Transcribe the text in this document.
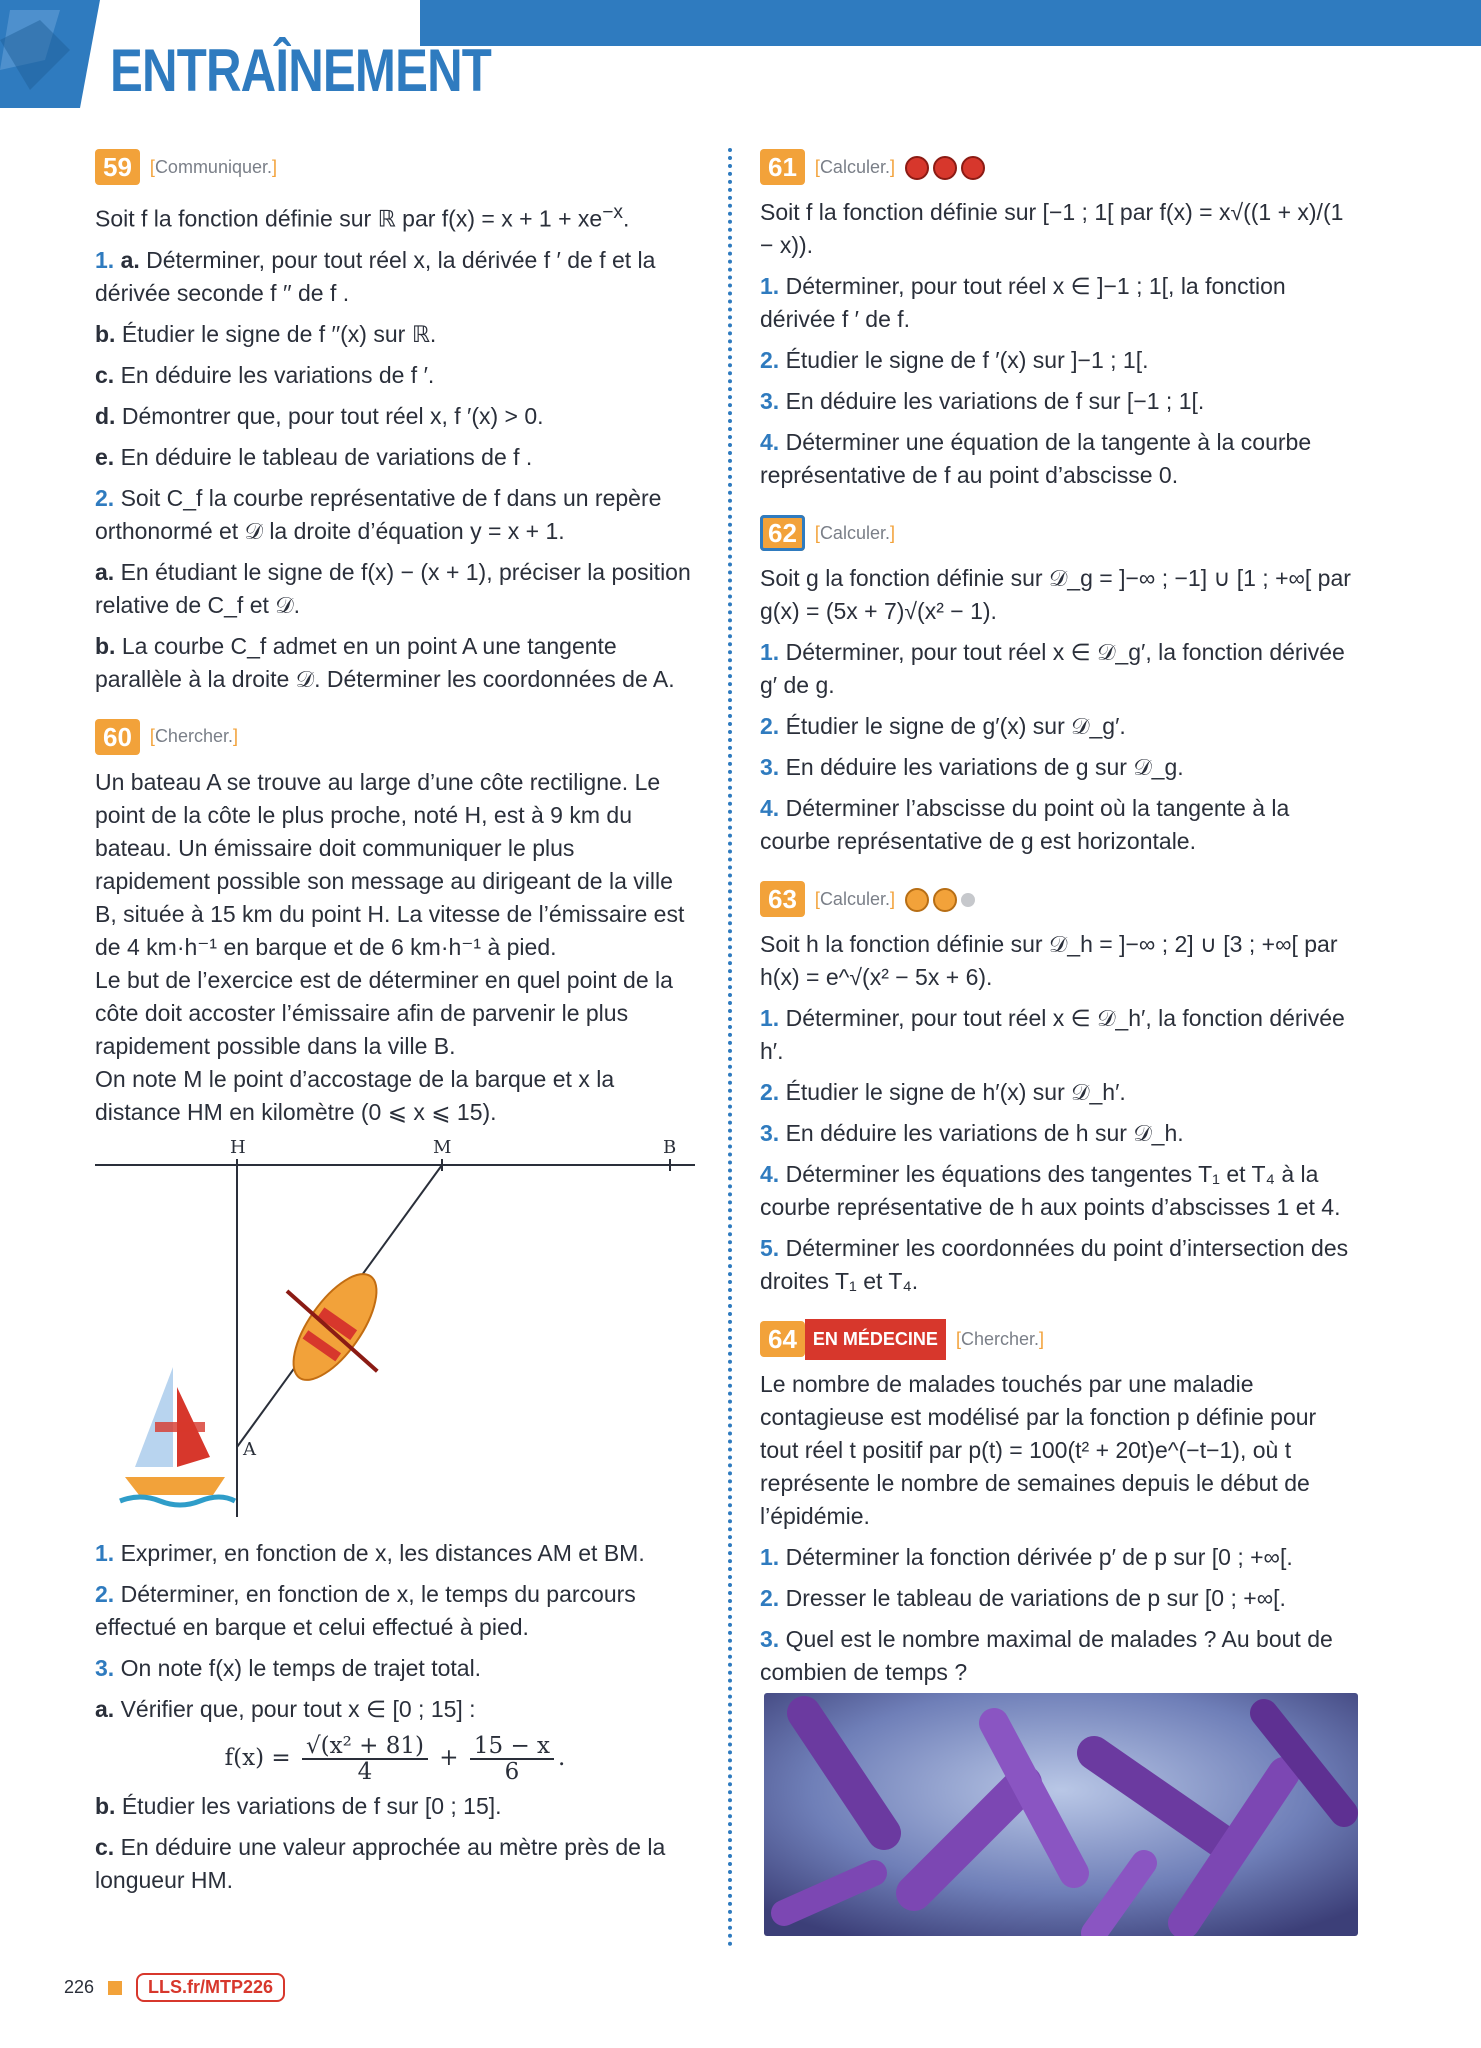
ENTRAÎNEMENT
59	[Communiquer.]

Soit f la fonction définie sur ℝ par $f(x) = x + 1 + xe^{-x}$.

1. a. Déterminer, pour tout réel x, la dérivée f ′ de f et la dérivée seconde f ′′ de f .

b. Étudier le signe de f ′′(x) sur ℝ.

c. En déduire les variations de f ′.

d. Démontrer que, pour tout réel x, f ′(x) > 0.

e. En déduire le tableau de variations de f .

2. Soit C_f la courbe représentative de f dans un repère orthonormé et 𝒟 la droite d’équation y = x + 1.

a. En étudiant le signe de f(x) − (x + 1), préciser la position relative de C_f et 𝒟.

b. La courbe C_f admet en un point A une tangente parallèle à la droite 𝒟. Déterminer les coordonnées de A.

60	[Chercher.]

Un bateau A se trouve au large d’une côte rectiligne. Le point de la côte le plus proche, noté H, est à 9 km du bateau. Un émissaire doit communiquer le plus rapidement possible son message au dirigeant de la ville B, située à 15 km du point H. La vitesse de l’émissaire est de 4 km·h⁻¹ en barque et de 6 km·h⁻¹ à pied.

Le but de l’exercice est de déterminer en quel point de la côte doit accoster l’émissaire afin de parvenir le plus rapidement possible dans la ville B.

On note M le point d’accostage de la barque et x la distance HM en kilomètre (0 ⩽ x ⩽ 15).

H	M	B
A

1. Exprimer, en fonction de x, les distances AM et BM.

2. Déterminer, en fonction de x, le temps du parcours effectué en barque et celui effectué à pied.

3. On note f(x) le temps de trajet total.

a. Vérifier que, pour tout x ∈ [0 ; 15] :

$f(x) = \frac{\text{√(x² + 81)}}{4} + \frac{15 - x}{6}$ .

b. Étudier les variations de f sur [0 ; 15].

c. En déduire une valeur approchée au mètre près de la longueur HM.

61	[Calculer.]

Soit f la fonction définie sur [−1 ; 1[ par f(x) = x√((1 + x)/(1 − x)).

1. Déterminer, pour tout réel x ∈ ]−1 ; 1[, la fonction dérivée f ′ de f.

2. Étudier le signe de f ′(x) sur ]−1 ; 1[.

3. En déduire les variations de f sur [−1 ; 1[.

4. Déterminer une équation de la tangente à la courbe représentative de f au point d’abscisse 0.

62	[Calculer.]

Soit g la fonction définie sur 𝒟_g = ]−∞ ; −1] ∪ [1 ; +∞[ par g(x) = (5x + 7)√(x² − 1).

1. Déterminer, pour tout réel x ∈ 𝒟_g′, la fonction dérivée g′ de g.

2. Étudier le signe de g′(x) sur 𝒟_g′.

3. En déduire les variations de g sur 𝒟_g.

4. Déterminer l’abscisse du point où la tangente à la courbe représentative de g est horizontale.

63	[Calculer.]

Soit h la fonction définie sur 𝒟_h = ]−∞ ; 2] ∪ [3 ; +∞[ par h(x) = e^√(x² − 5x + 6).

1. Déterminer, pour tout réel x ∈ 𝒟_h′, la fonction dérivée h′.

2. Étudier le signe de h′(x) sur 𝒟_h′.

3. En déduire les variations de h sur 𝒟_h.

4. Déterminer les équations des tangentes T₁ et T₄ à la courbe représentative de h aux points d’abscisses 1 et 4.

5. Déterminer les coordonnées du point d’intersection des droites T₁ et T₄.

64 EN MÉDECINE	[Chercher.]

Le nombre de malades touchés par une maladie contagieuse est modélisé par la fonction p définie pour tout réel t positif par p(t) = 100(t² + 20t)e^(−t−1), où t représente le nombre de semaines depuis le début de l’épidémie.

1. Déterminer la fonction dérivée p′ de p sur [0 ; +∞[.

2. Dresser le tableau de variations de p sur [0 ; +∞[.

3. Quel est le nombre maximal de malades ? Au bout de combien de temps ?

226	LLS.fr/MTP226
